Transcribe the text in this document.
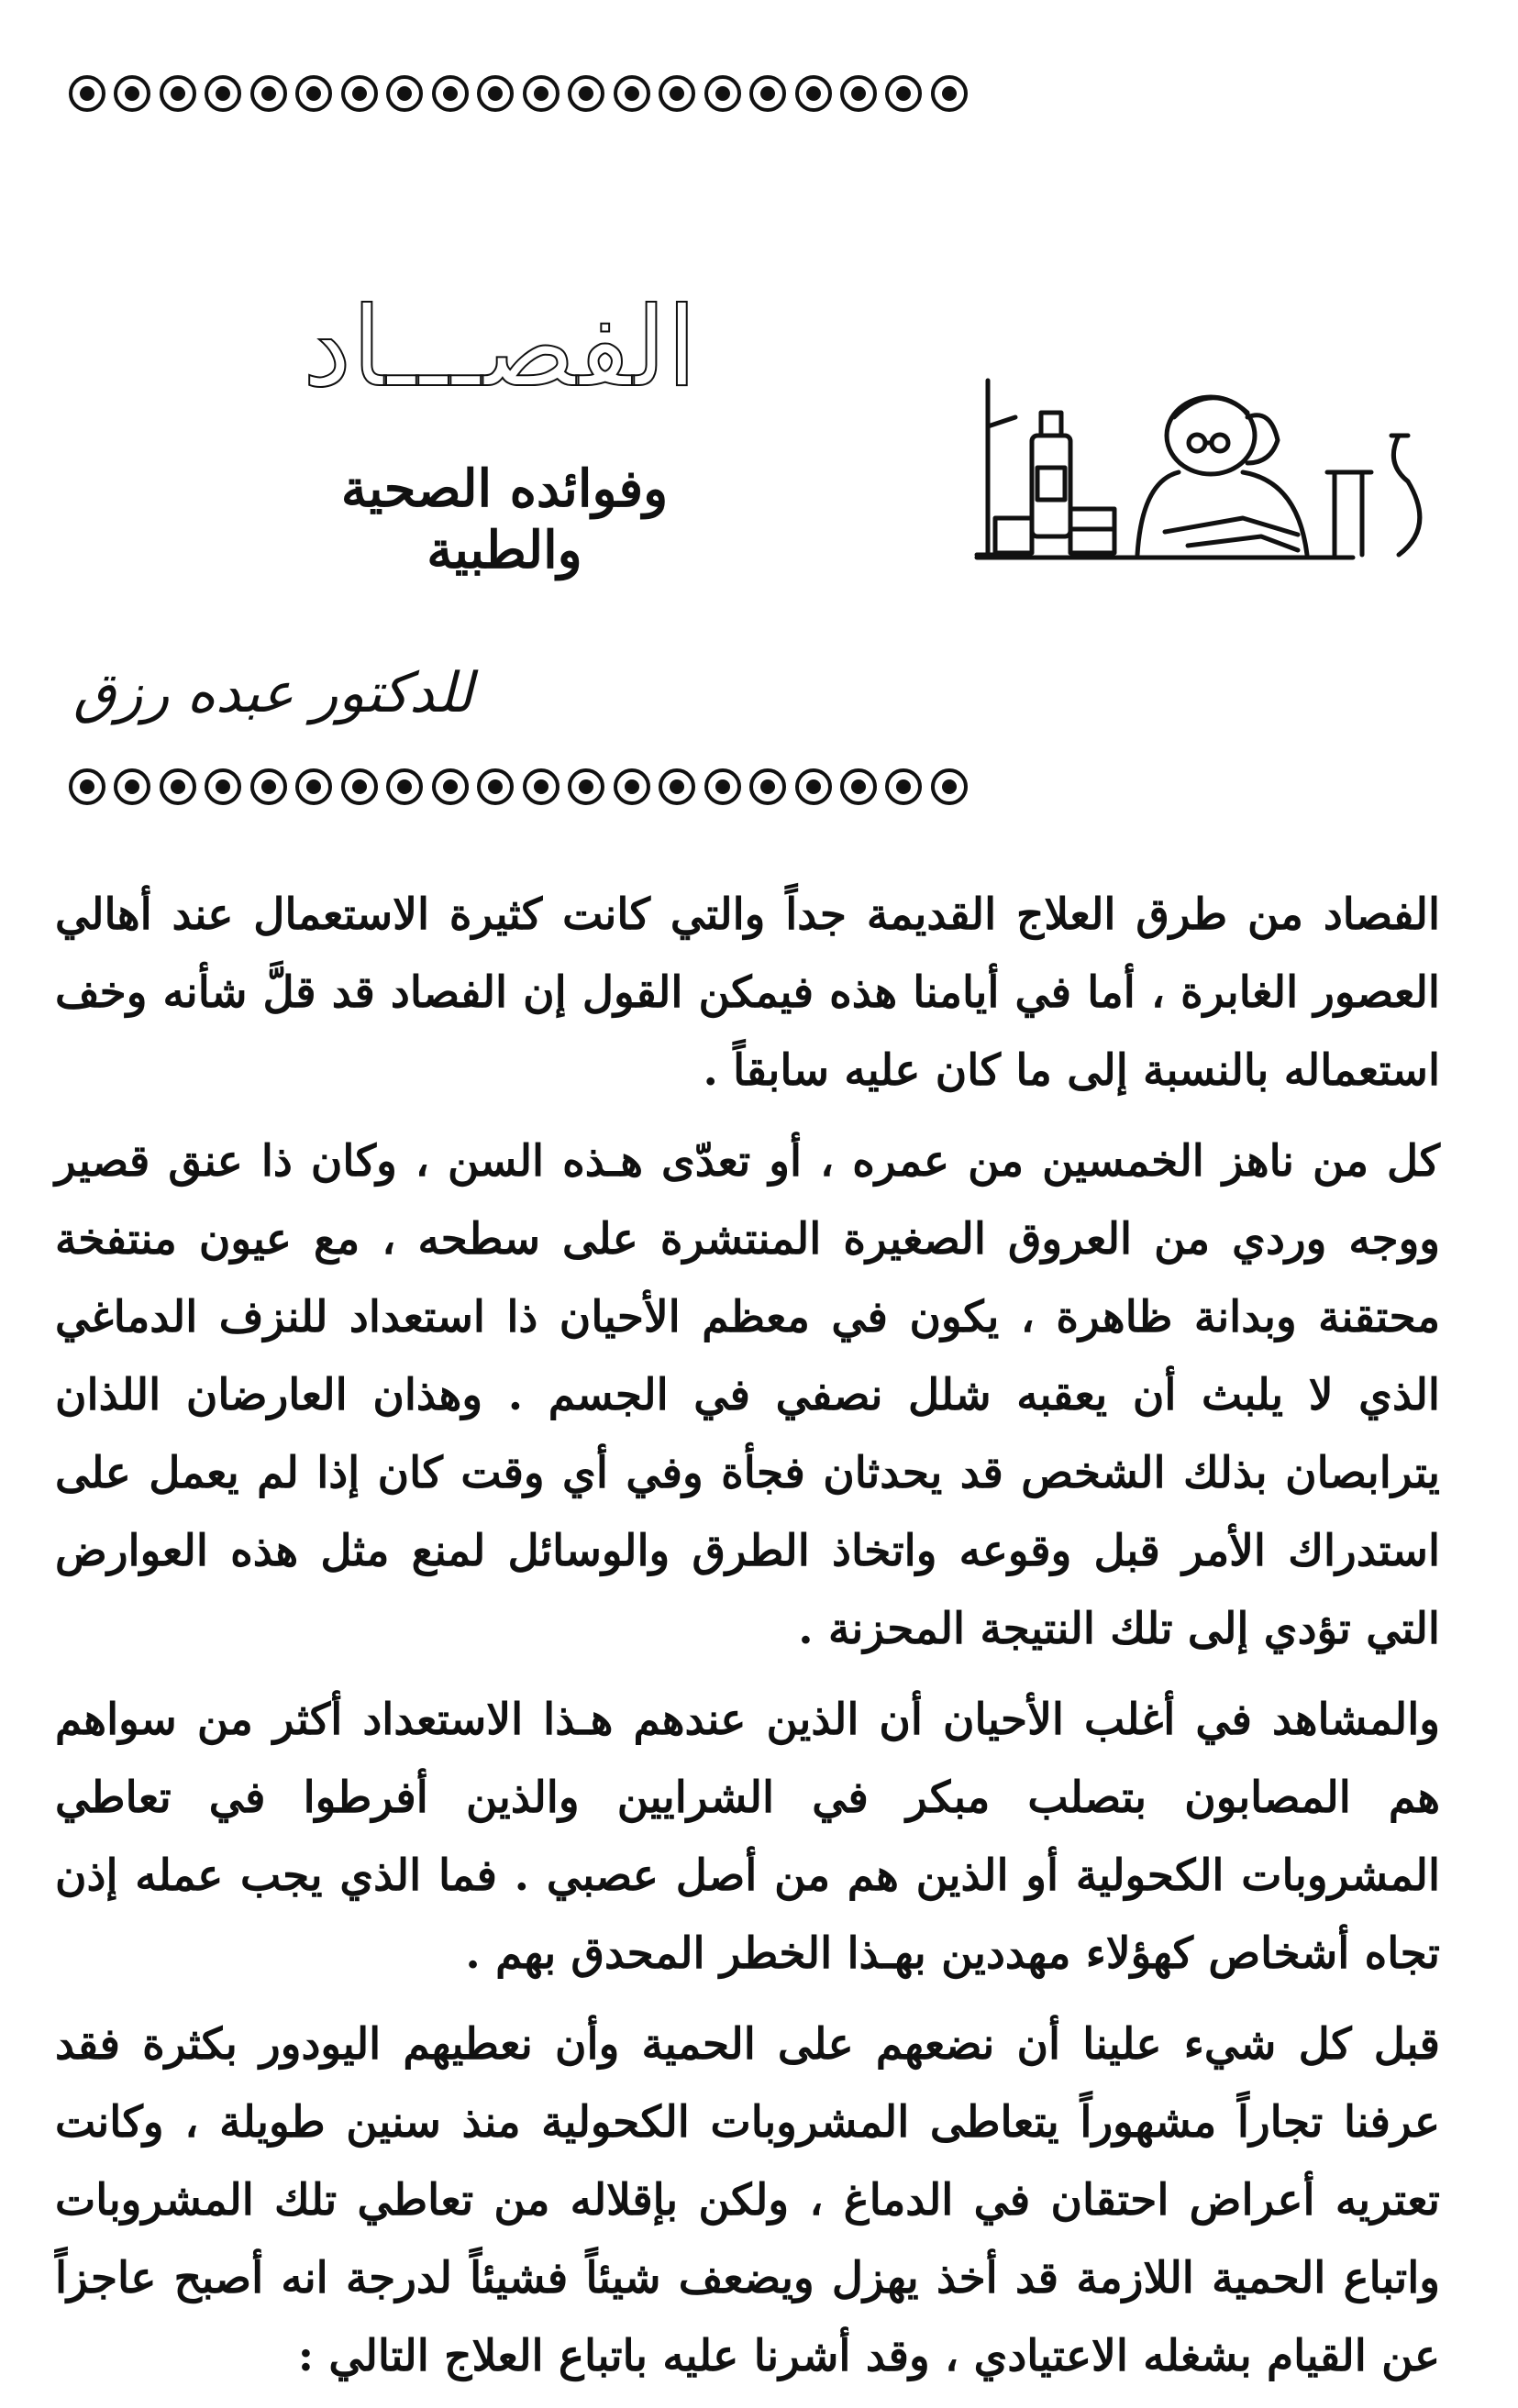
الفصـــاد
وفوائده الصحية والطبية
للدكتور عبده رزق

الفصاد من طرق العلاج القديمة جداً والتي كانت كثيرة الاستعمال عند أهالي العصور الغابرة ، أما في أيامنا هذه فيمكن القول إن الفصاد قد قلَّ شأنه وخف استعماله بالنسبة إلى ما كان عليه سابقاً .

كل من ناهز الخمسين من عمره ، أو تعدّى هـذه السن ، وكان ذا عنق قصير ووجه وردي من العروق الصغيرة المنتشرة على سطحه ، مع عيون منتفخة محتقنة وبدانة ظاهرة ، يكون في معظم الأحيان ذا استعداد للنزف الدماغي الذي لا يلبث أن يعقبه شلل نصفي في الجسم . وهذان العارضان اللذان يترابصان بذلك الشخص قد يحدثان فجأة وفي أي وقت كان إذا لم يعمل على استدراك الأمر قبل وقوعه واتخاذ الطرق والوسائل لمنع مثل هذه العوارض التي تؤدي إلى تلك النتيجة المحزنة .

والمشاهد في أغلب الأحيان أن الذين عندهم هـذا الاستعداد أكثر من سواهم هم المصابون بتصلب مبكر في الشرايين والذين أفرطوا في تعاطي المشروبات الكحولية أو الذين هم من أصل عصبي . فما الذي يجب عمله إذن تجاه أشخاص كهؤلاء مهددين بهـذا الخطر المحدق بهم .

قبل كل شيء علينا أن نضعهم على الحمية وأن نعطيهم اليودور بكثرة فقد عرفنا تجاراً مشهوراً يتعاطى المشروبات الكحولية منذ سنين طويلة ، وكانت تعتريه أعراض احتقان في الدماغ ، ولكن بإقلاله من تعاطي تلك المشروبات واتباع الحمية اللازمة قد أخذ يهزل ويضعف شيئاً فشيئاً لدرجة انه أصبح عاجزاً عن القيام بشغله الاعتيادي ، وقد أشرنا عليه باتباع العلاج التالي :
